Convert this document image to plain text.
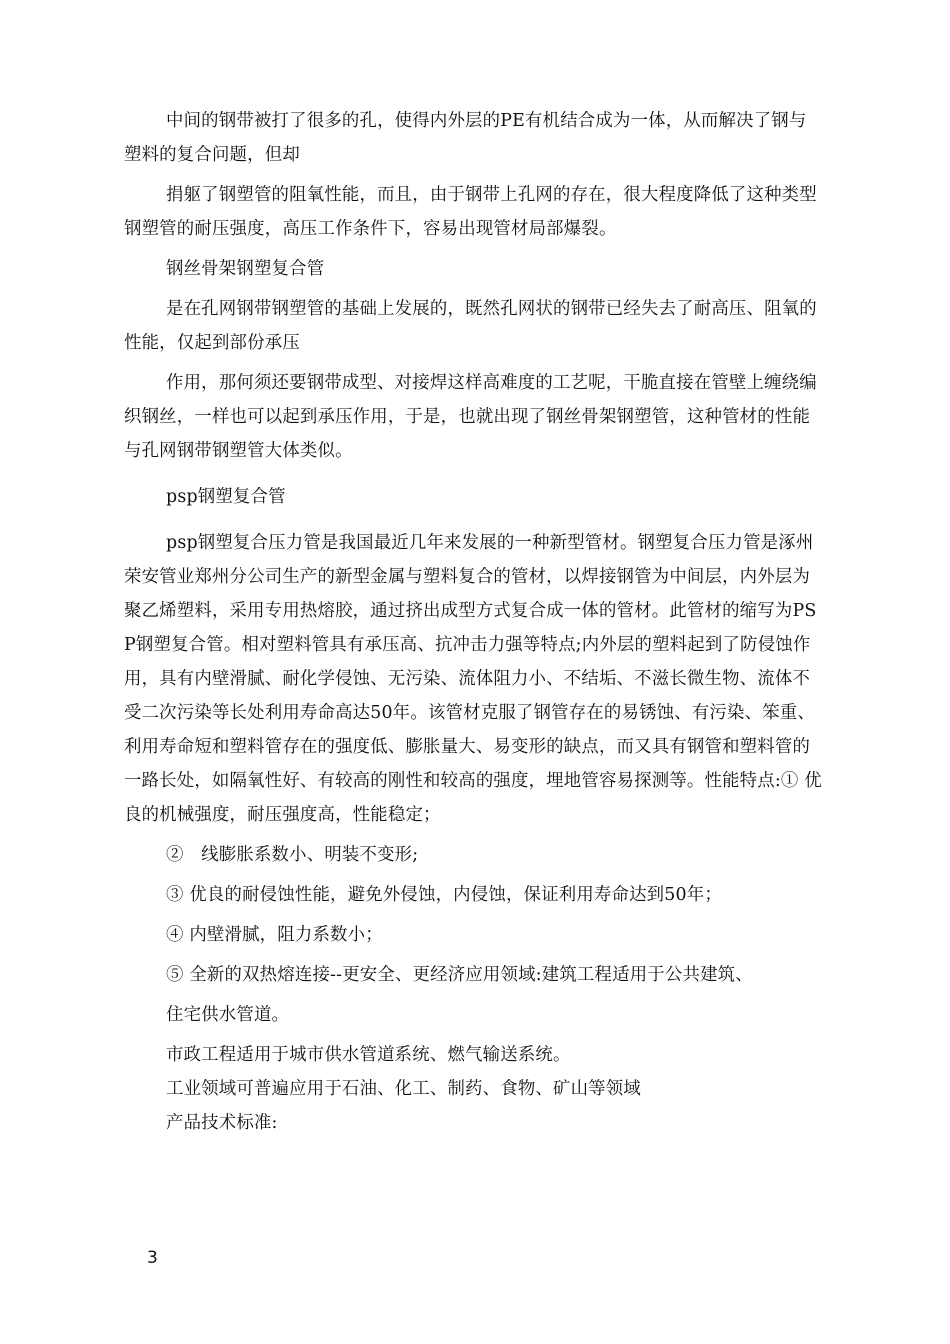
中间的钢带被打了很多的孔，使得内外层的PE有机结合成为一体，从而解决了钢与塑料的复合问题，但却

捐躯了钢塑管的阻氧性能，而且，由于钢带上孔网的存在，很大程度降低了这种类型钢塑管的耐压强度，高压工作条件下，容易出现管材局部爆裂。

钢丝骨架钢塑复合管

是在孔网钢带钢塑管的基础上发展的，既然孔网状的钢带已经失去了耐高压、阻氧的性能，仅起到部份承压

作用，那何须还要钢带成型、对接焊这样高难度的工艺呢，干脆直接在管壁上缠绕编织钢丝，一样也可以起到承压作用，于是，也就出现了钢丝骨架钢塑管，这种管材的性能与孔网钢带钢塑管大体类似。

psp钢塑复合管

psp钢塑复合压力管是我国最近几年来发展的一种新型管材。钢塑复合压力管是涿州荣安管业郑州分公司生产的新型金属与塑料复合的管材，以焊接钢管为中间层，内外层为聚乙烯塑料，采用专用热熔胶，通过挤出成型方式复合成一体的管材。此管材的缩写为PSP钢塑复合管。相对塑料管具有承压高、抗冲击力强等特点;内外层的塑料起到了防侵蚀作用，具有内壁滑腻、耐化学侵蚀、无污染、流体阻力小、不结垢、不滋长微生物、流体不受二次污染等长处利用寿命高达50年。该管材克服了钢管存在的易锈蚀、有污染、笨重、利用寿命短和塑料管存在的强度低、膨胀量大、易变形的缺点，而又具有钢管和塑料管的一路长处，如隔氧性好、有较高的刚性和较高的强度，埋地管容易探测等。性能特点:① 优良的机械强度，耐压强度高，性能稳定；

②　线膨胀系数小、明装不变形;

③ 优良的耐侵蚀性能，避免外侵蚀，内侵蚀，保证利用寿命达到50年；

④ 内壁滑腻，阻力系数小；

⑤ 全新的双热熔连接--更安全、更经济应用领域:建筑工程适用于公共建筑、

住宅供水管道。

市政工程适用于城市供水管道系统、燃气输送系统。

工业领域可普遍应用于石油、化工、制药、食物、矿山等领域

产品技术标准:

3
